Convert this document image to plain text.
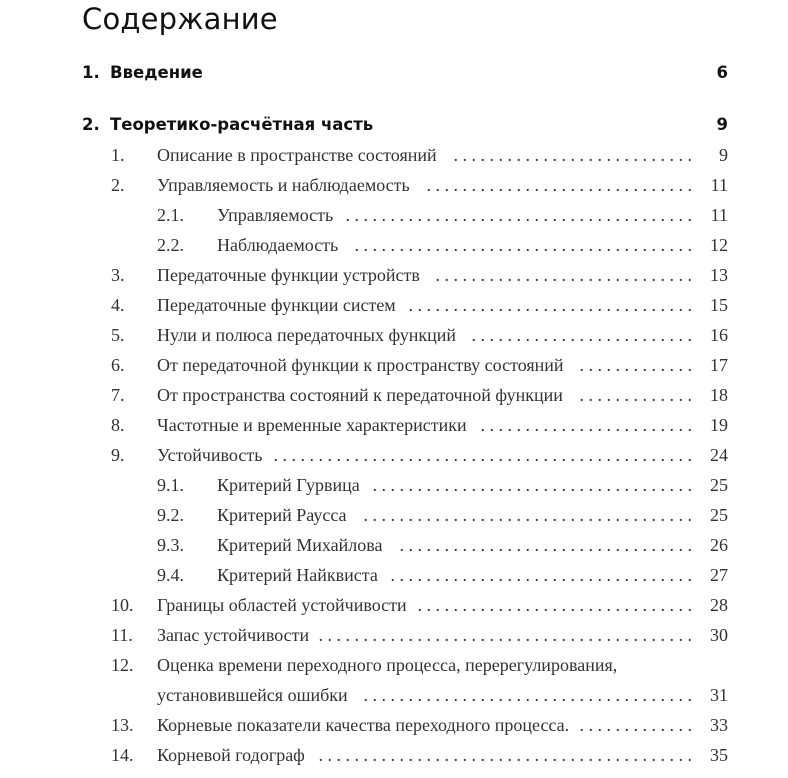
Содержание
1. Введение	6
2. Теоретико-расчётная часть	9
1. Описание в пространстве состояний . . . . . . . . . . . . . . . . . . . . . . . . . . . 9
2. Управляемость и наблюдаемость . . . . . . . . . . . . . . . . . . . . . . . . . . . . . . 11
2.1. Управляемость . . . . . . . . . . . . . . . . . . . . . . . . . . . . . . . . . . . . . . . 11
2.2. Наблюдаемость . . . . . . . . . . . . . . . . . . . . . . . . . . . . . . . . . . . . . . 12
3. Передаточные функции устройств . . . . . . . . . . . . . . . . . . . . . . . . . . . . . 13
4. Передаточные функции систем . . . . . . . . . . . . . . . . . . . . . . . . . . . . . . . . 15
5. Нули и полюса передаточных функций . . . . . . . . . . . . . . . . . . . . . . . . . 16
6. От передаточной функции к пространству состояний . . . . . . . . . . . . . 17
7. От пространства состояний к передаточной функции . . . . . . . . . . . . . 18
8. Частотные и временные характеристики . . . . . . . . . . . . . . . . . . . . . . . . 19
9. Устойчивость . . . . . . . . . . . . . . . . . . . . . . . . . . . . . . . . . . . . . . . . . . . . . . . 24
9.1. Критерий Гурвица . . . . . . . . . . . . . . . . . . . . . . . . . . . . . . . . . . . . 25
9.2. Критерий Раусса . . . . . . . . . . . . . . . . . . . . . . . . . . . . . . . . . . . . . 25
9.3. Критерий Михайлова . . . . . . . . . . . . . . . . . . . . . . . . . . . . . . . . . 26
9.4. Критерий Найквиста . . . . . . . . . . . . . . . . . . . . . . . . . . . . . . . . . . 27
10. Границы областей устойчивости . . . . . . . . . . . . . . . . . . . . . . . . . . . . . . . 28
11. Запас устойчивости . . . . . . . . . . . . . . . . . . . . . . . . . . . . . . . . . . . . . . . . . . 30
12. Оценка времени переходного процесса, перерегулирования,
установившейся ошибки . . . . . . . . . . . . . . . . . . . . . . . . . . . . . . . . . . . . . 31
13. Корневые показатели качества переходного процесса. . . . . . . . . . . . . . 33
14. Корневой годограф . . . . . . . . . . . . . . . . . . . . . . . . . . . . . . . . . . . . . . . . . . 35
